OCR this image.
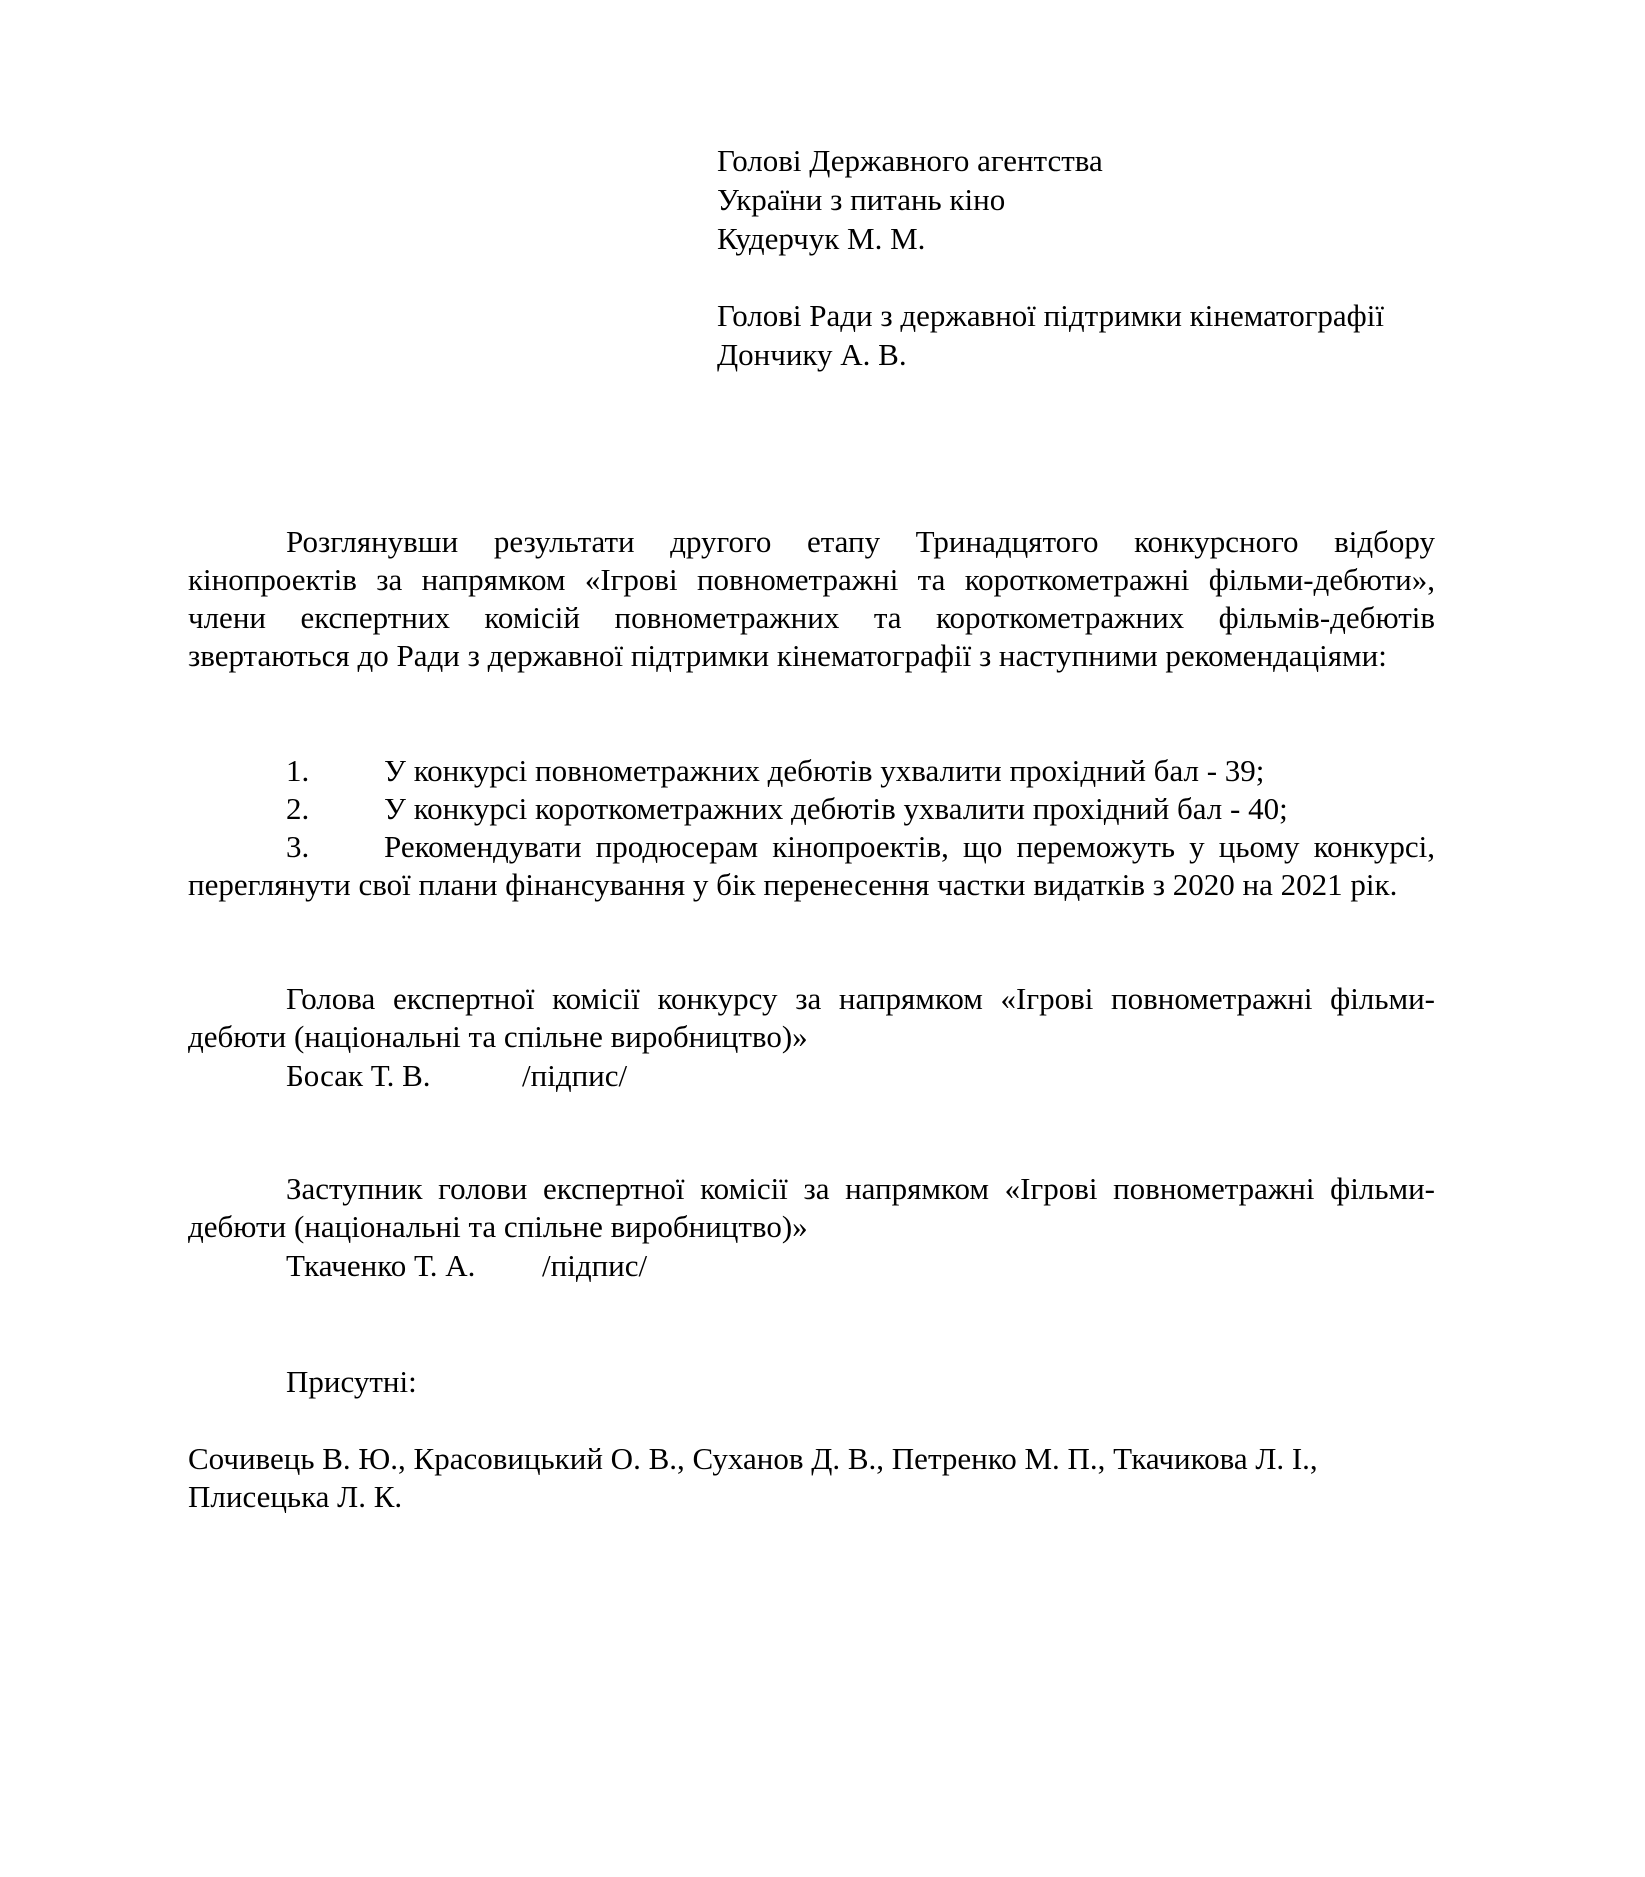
Голові Державного агентства
України з питань кіно
Кудерчук М. М.
Голові Ради з державної підтримки кінематографії
Дончику А. В.

Розглянувши результати другого етапу Тринадцятого конкурсного відбору кінопроектів за напрямком «Ігрові повнометражні та короткометражні фільми-дебюти», члени експертних комісій повнометражних та короткометражних фільмів-дебютів звертаються до Ради з державної підтримки кінематографії з наступними рекомендаціями:

1. У конкурсі повнометражних дебютів ухвалити прохідний бал - 39;
2. У конкурсі короткометражних дебютів ухвалити прохідний бал - 40;
3. Рекомендувати продюсерам кінопроектів, що переможуть у цьому конкурсі, переглянути свої плани фінансування у бік перенесення частки видатків з 2020 на 2021 рік.

Голова експертної комісії конкурсу за напрямком «Ігрові повнометражні фільми-дебюти (національні та спільне виробництво)»

Босак Т. В.	/підпис/

Заступник голови експертної комісії за напрямком «Ігрові повнометражні фільми-дебюти (національні та спільне виробництво)»

Ткаченко Т. А. /підпис/
Присутні:
Сочивець В. Ю., Красовицький О. В., Суханов Д. В., Петренко М. П., Ткачикова Л. І., Плисецька Л. К.
